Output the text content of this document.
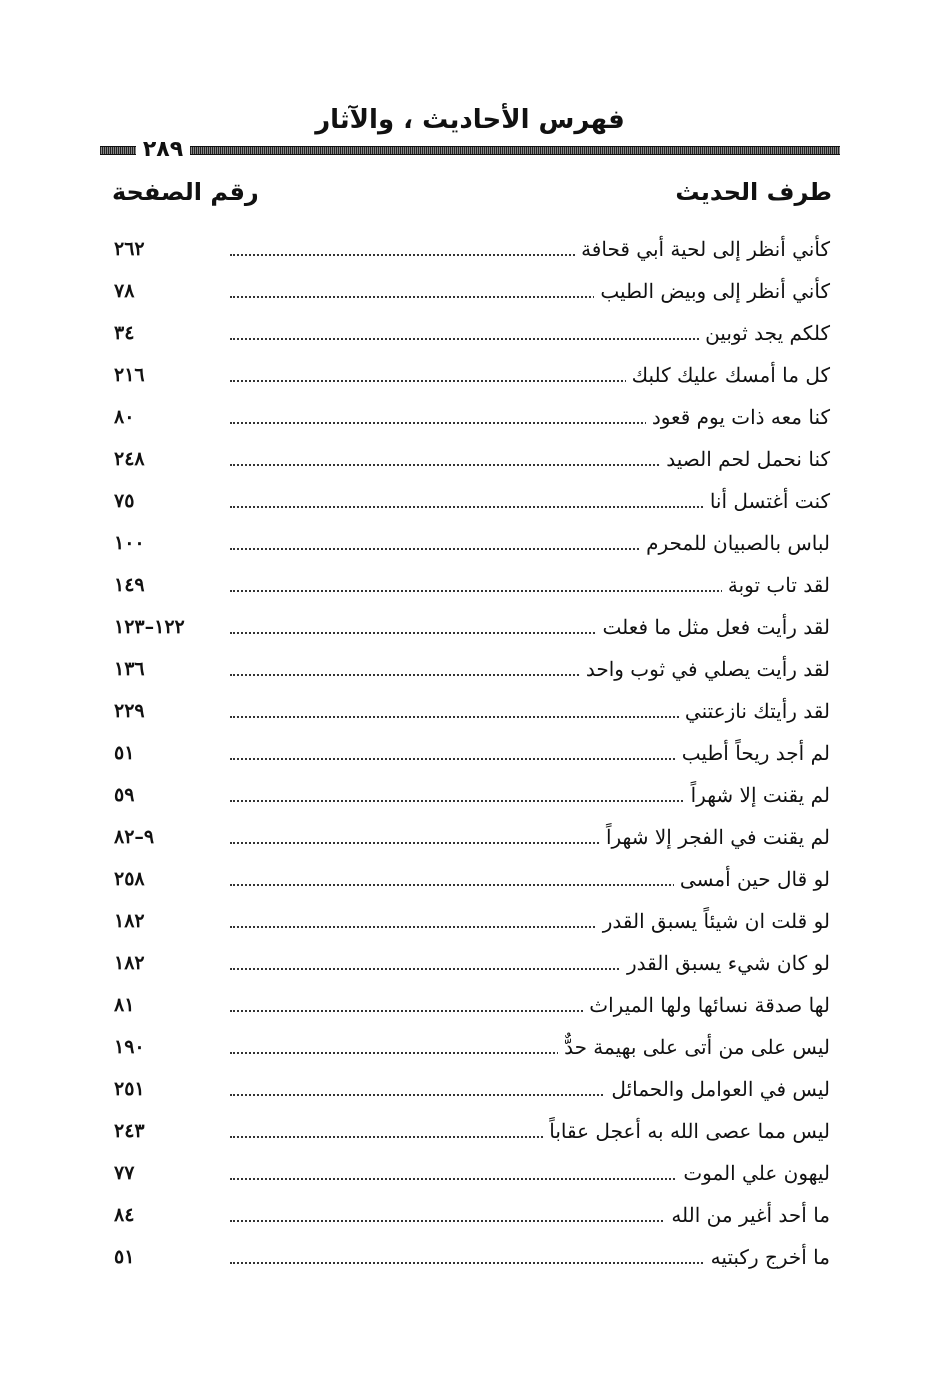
فهرس الأحاديث ، والآثار
٢٨٩
طرف الحديث
رقم الصفحة
كأني أنظر إلى لحية أبي قحافة
٢٦٢
كأني أنظر إلى وبيض الطيب
٧٨
كلكم يجد ثوبين
٣٤
كل ما أمسك عليك كلبك
٢١٦
كنا معه ذات يوم قعود
٨٠
كنا نحمل لحم الصيد
٢٤٨
كنت أغتسل أنا
٧٥
لباس بالصبيان للمحرم
١٠٠
لقد تاب توبة
١٤٩
لقد رأيت فعل مثل ما فعلت
١٢٢–١٢٣
لقد رأيت يصلي في ثوب واحد
١٣٦
لقد رأيتك نازعتني
٢٢٩
لم أجد ريحاً أطيب
٥١
لم يقنت إلا شهراً
٥٩
لم يقنت في الفجر إلا شهراً
٩–٨٢
لو قال حين أمسى
٢٥٨
لو قلت ان شيئاً يسبق القدر
١٨٢
لو كان شيء يسبق القدر
١٨٢
لها صدقة نسائها ولها الميراث
٨١
ليس على من أتى على بهيمة حدٌّ
١٩٠
ليس في العوامل والحمائل
٢٥١
ليس مما عصى الله به أعجل عقاباً
٢٤٣
ليهون علي الموت
٧٧
ما أحد أغير من الله
٨٤
ما أخرج ركبتيه
٥١
